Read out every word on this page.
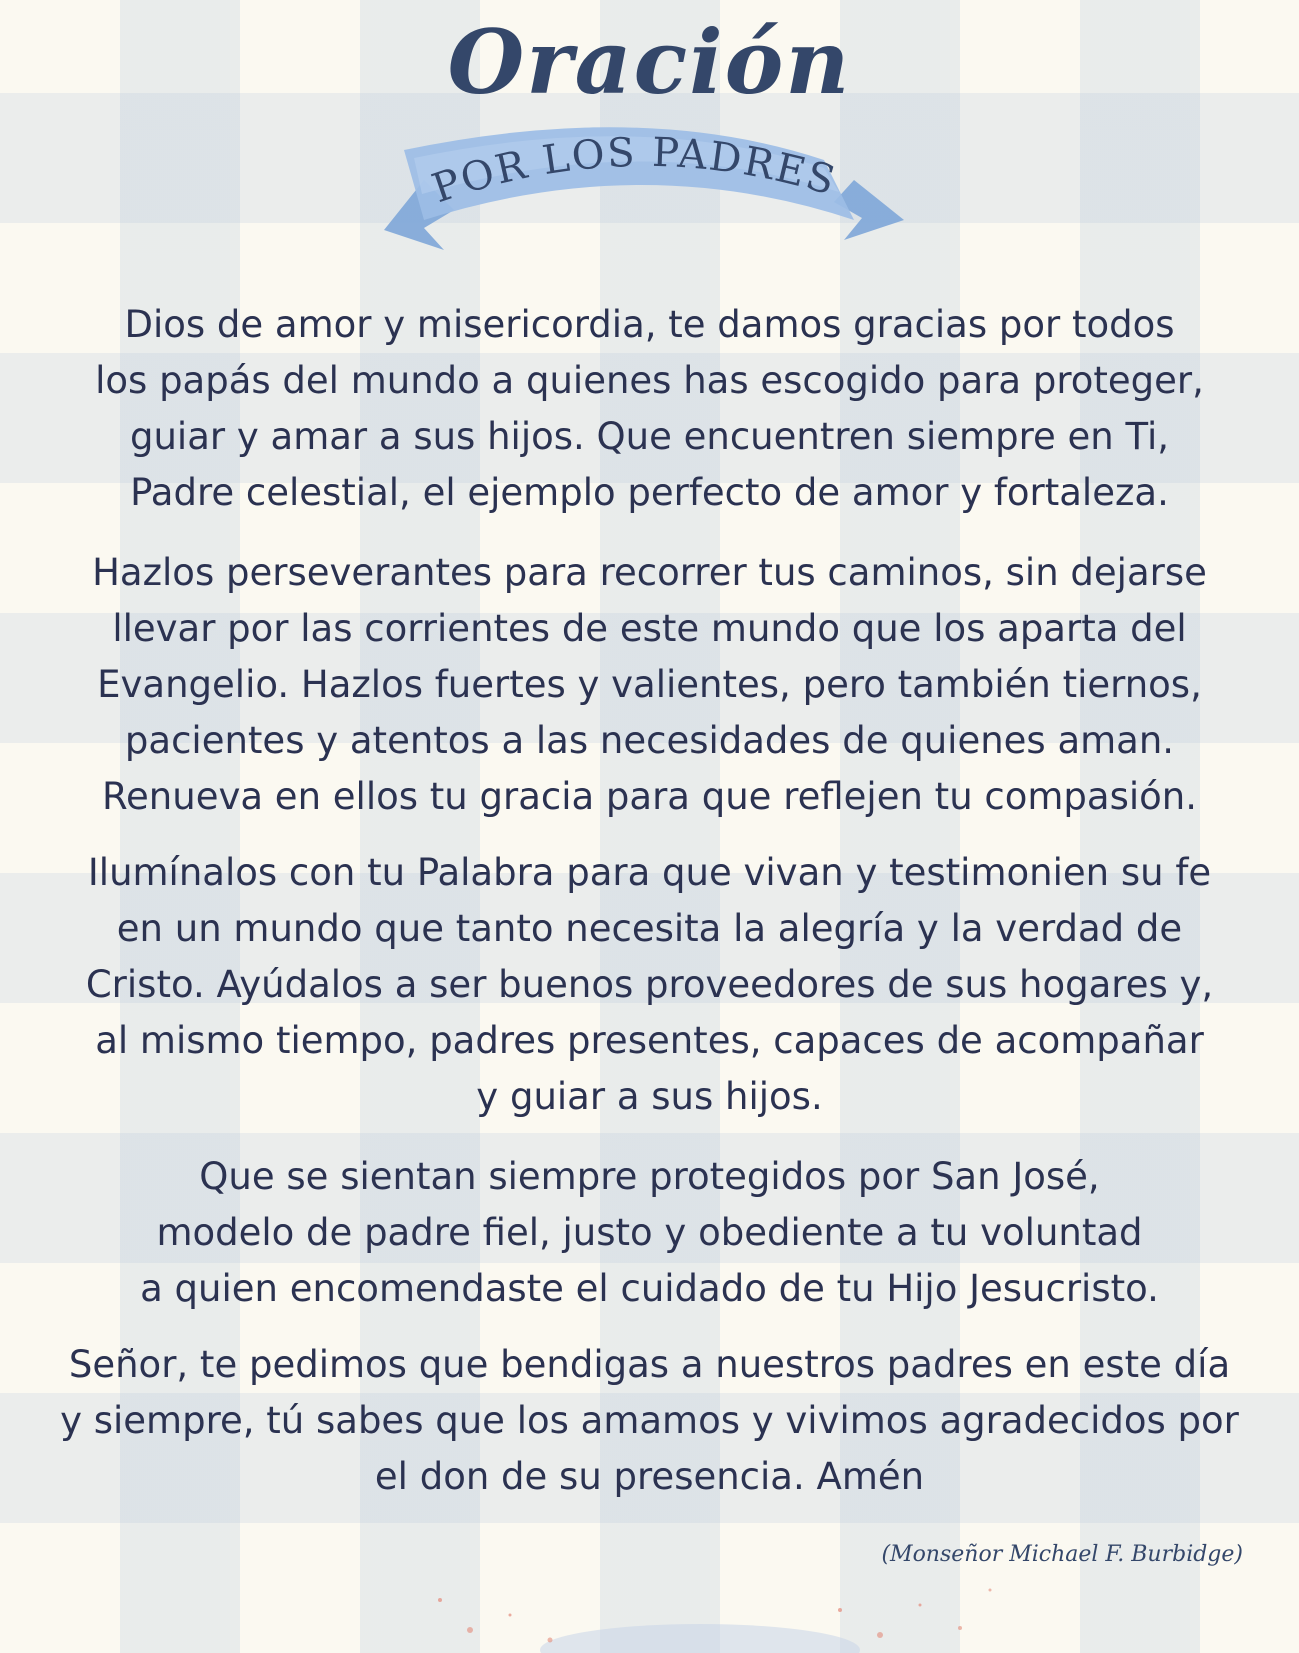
Oración
POR LOS PADRES

Dios de amor y misericordia, te damos gracias por todos
los papás del mundo a quienes has escogido para proteger,
guiar y amar a sus hijos. Que encuentren siempre en Ti,
Padre celestial, el ejemplo perfecto de amor y fortaleza.

Hazlos perseverantes para recorrer tus caminos, sin dejarse
llevar por las corrientes de este mundo que los aparta del
Evangelio. Hazlos fuertes y valientes, pero también tiernos,
pacientes y atentos a las necesidades de quienes aman.
Renueva en ellos tu gracia para que reflejen tu compasión.

Ilumínalos con tu Palabra para que vivan y testimonien su fe
en un mundo que tanto necesita la alegría y la verdad de
Cristo. Ayúdalos a ser buenos proveedores de sus hogares y,
al mismo tiempo, padres presentes, capaces de acompañar
y guiar a sus hijos.

Que se sientan siempre protegidos por San José,
modelo de padre fiel, justo y obediente a tu voluntad
a quien encomendaste el cuidado de tu Hijo Jesucristo.

Señor, te pedimos que bendigas a nuestros padres en este día
y siempre, tú sabes que los amamos y vivimos agradecidos por
el don de su presencia. Amén

(Monseñor Michael F. Burbidge)
